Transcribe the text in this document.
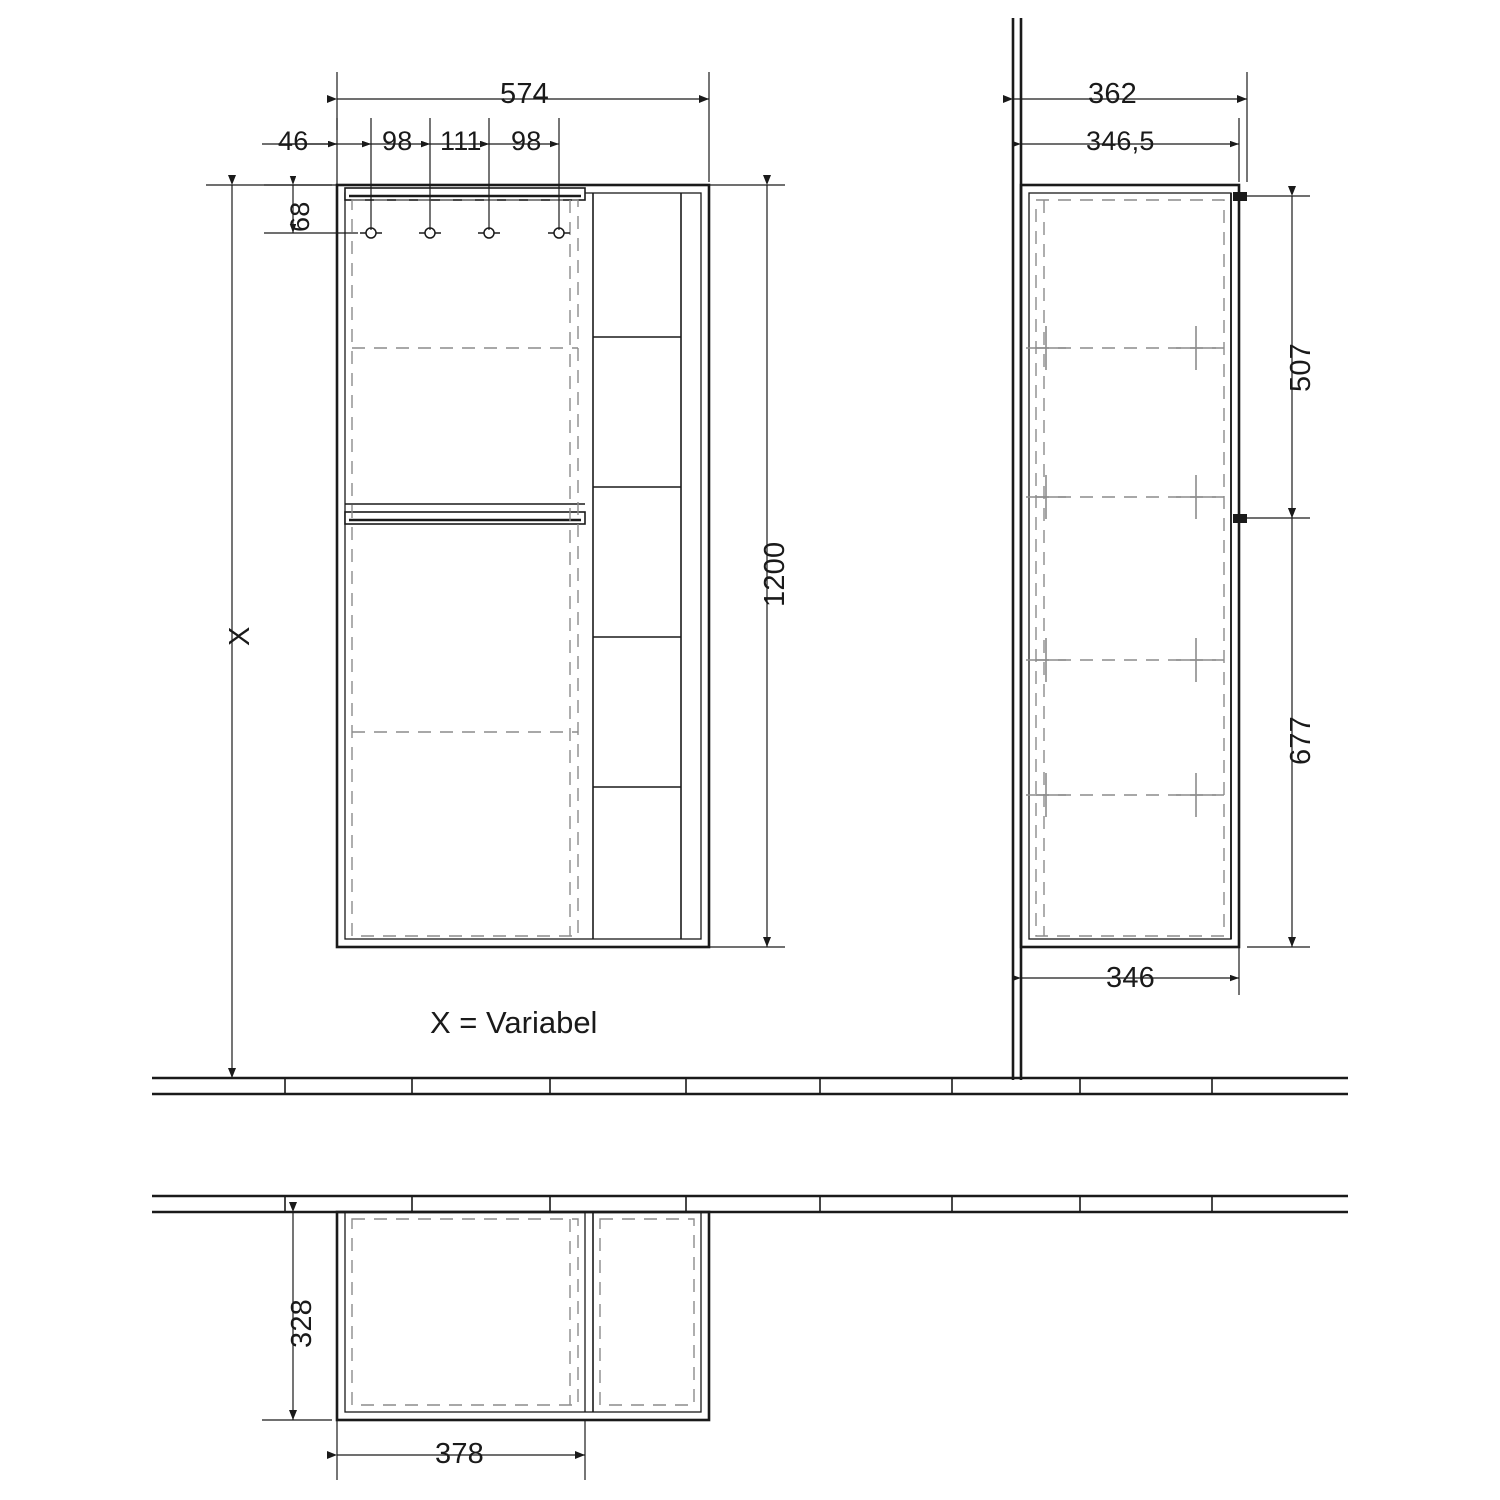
574
46	98 111 98
68
1200
X
362
346,5
507
677
346
328
378
X = Variabel
